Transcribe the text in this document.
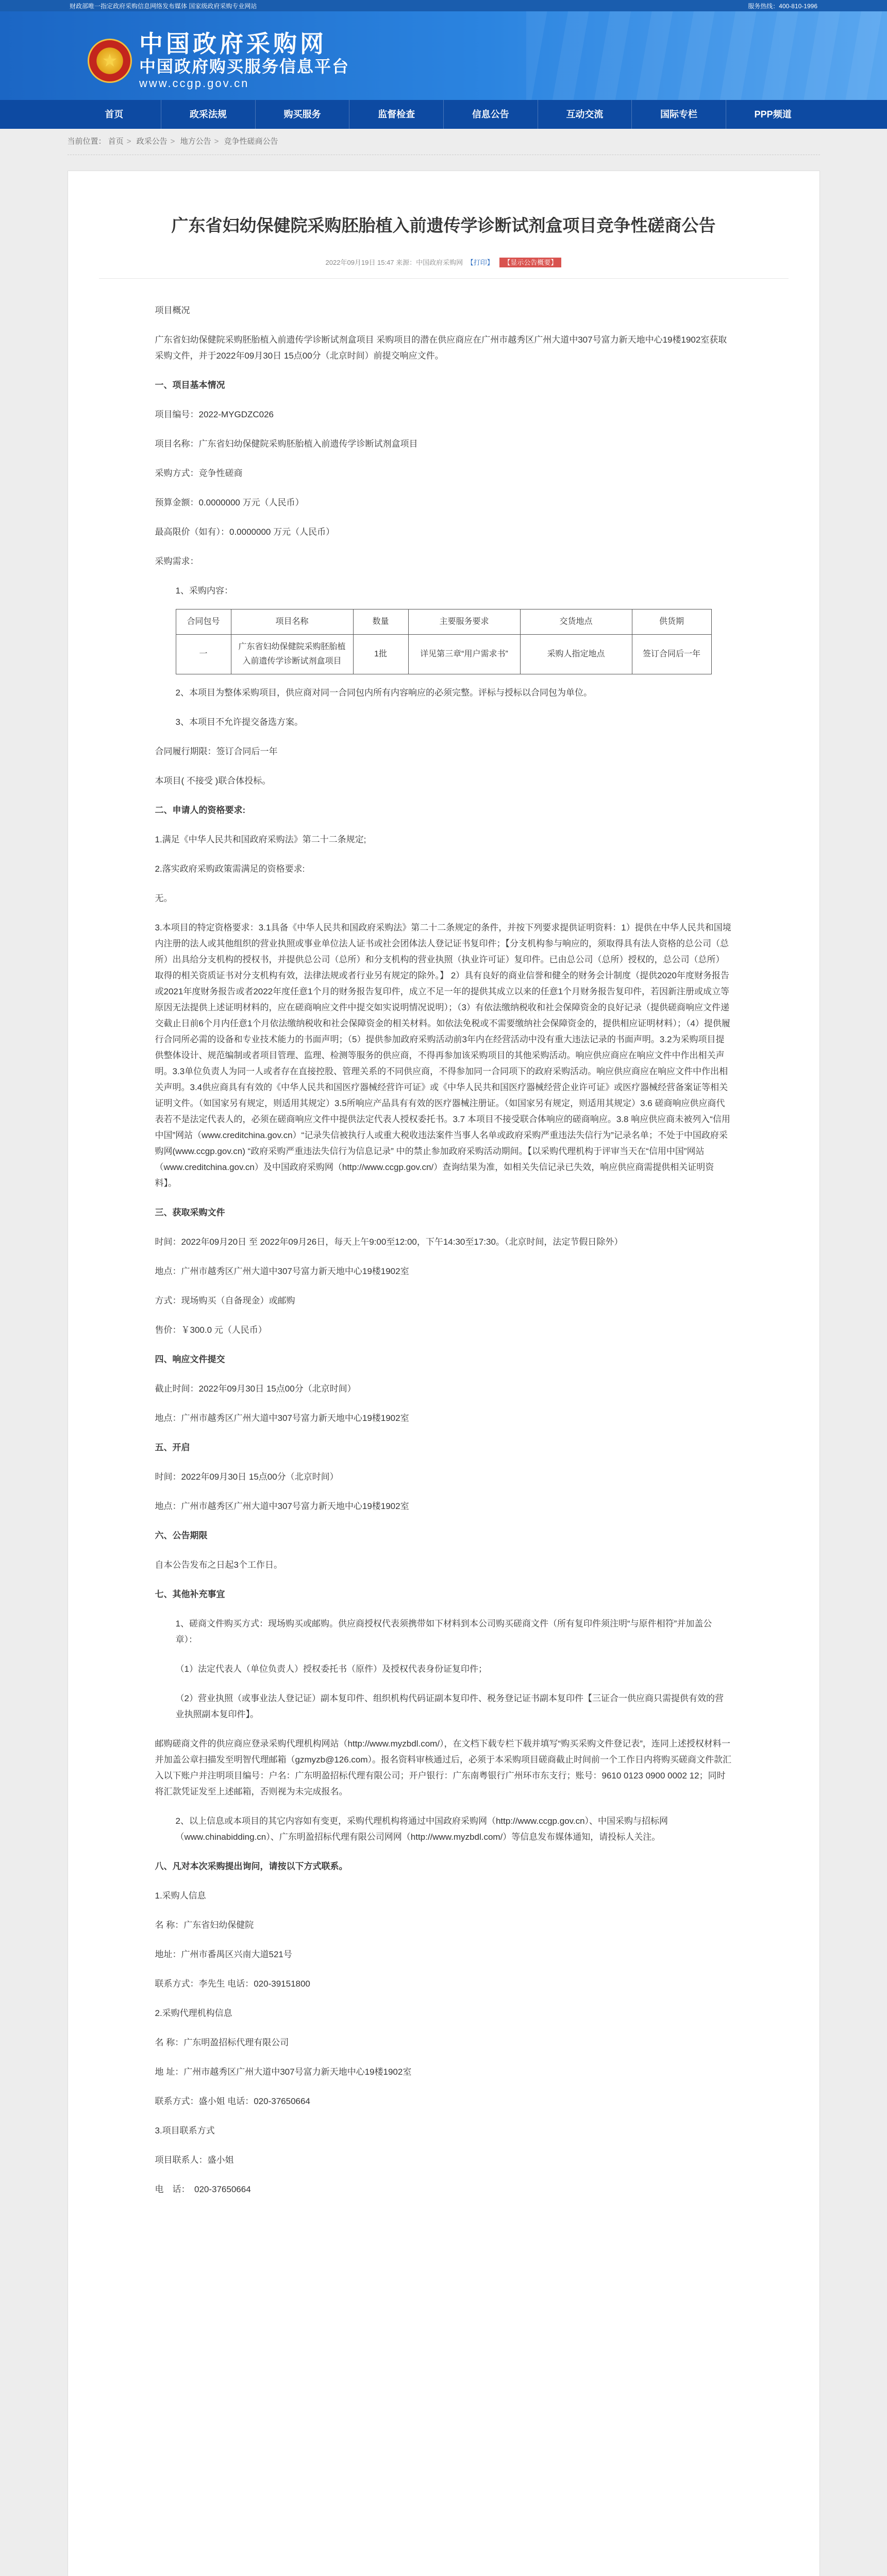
财政部唯一指定政府采购信息网络发布媒体 国家级政府采购专业网站	服务热线：400-810-1996
★
中国政府采购网
中国政府购买服务信息平台
www.ccgp.gov.cn
首页	政采法规	购买服务	监督检查	信息公告	互动交流	国际专栏	PPP频道
当前位置： 首页 > 政采公告 > 地方公告 > 竞争性磋商公告
广东省妇幼保健院采购胚胎植入前遗传学诊断试剂盒项目竞争性磋商公告
2022年09月19日 15:47 来源：中国政府采购网 【打印】 【显示公告概要】

项目概况

广东省妇幼保健院采购胚胎植入前遗传学诊断试剂盒项目 采购项目的潜在供应商应在广州市越秀区广州大道中307号富力新天地中心19楼1902室获取采购文件，并于2022年09月30日 15点00分（北京时间）前提交响应文件。

一、项目基本情况

项目编号：2022-MYGDZC026

项目名称：广东省妇幼保健院采购胚胎植入前遗传学诊断试剂盒项目

采购方式：竞争性磋商

预算金额：0.0000000 万元（人民币）

最高限价（如有）：0.0000000 万元（人民币）

采购需求：

1、采购内容：

合同包号	项目名称	数量	主要服务要求	交货地点	供货期
一	广东省妇幼保健院采购胚胎植入前遗传学诊断试剂盒项目	1批	详见第三章“用户需求书”	采购人指定地点	签订合同后一年

2、本项目为整体采购项目，供应商对同一合同包内所有内容响应的必须完整。评标与授标以合同包为单位。

3、本项目不允许提交备选方案。

合同履行期限：签订合同后一年

本项目( 不接受 )联合体投标。

二、申请人的资格要求:

1.满足《中华人民共和国政府采购法》第二十二条规定;

2.落实政府采购政策需满足的资格要求:

无。

3.本项目的特定资格要求：3.1具备《中华人民共和国政府采购法》第二十二条规定的条件，并按下列要求提供证明资料：1）提供在中华人民共和国境内注册的法人或其他组织的营业执照或事业单位法人证书或社会团体法人登记证书复印件；【分支机构参与响应的，须取得具有法人资格的总公司（总所）出具给分支机构的授权书，并提供总公司（总所）和分支机构的营业执照（执业许可证）复印件。已由总公司（总所）授权的，总公司（总所）取得的相关资质证书对分支机构有效，法律法规或者行业另有规定的除外。】 2）具有良好的商业信誉和健全的财务会计制度（提供2020年度财务报告或2021年度财务报告或者2022年度任意1个月的财务报告复印件，成立不足一年的提供其成立以来的任意1个月财务报告复印件，若因新注册或成立等原因无法提供上述证明材料的，应在磋商响应文件中提交如实说明情况说明）；（3）有依法缴纳税收和社会保障资金的良好记录（提供磋商响应文件递交截止日前6个月内任意1个月依法缴纳税收和社会保障资金的相关材料。如依法免税或不需要缴纳社会保障资金的，提供相应证明材料）；（4）提供履行合同所必需的设备和专业技术能力的书面声明；（5）提供参加政府采购活动前3年内在经营活动中没有重大违法记录的书面声明。3.2为采购项目提供整体设计、规范编制或者项目管理、监理、检测等服务的供应商，不得再参加该采购项目的其他采购活动。响应供应商应在响应文件中作出相关声明。3.3单位负责人为同一人或者存在直接控股、管理关系的不同供应商，不得参加同一合同项下的政府采购活动。响应供应商应在响应文件中作出相关声明。3.4供应商具有有效的《中华人民共和国医疗器械经营许可证》或《中华人民共和国医疗器械经营企业许可证》或医疗器械经营备案证等相关证明文件。（如国家另有规定，则适用其规定）3.5所响应产品具有有效的医疗器械注册证。（如国家另有规定，则适用其规定）3.6 磋商响应供应商代表若不是法定代表人的，必须在磋商响应文件中提供法定代表人授权委托书。3.7 本项目不接受联合体响应的磋商响应。3.8 响应供应商未被列入“信用中国”网站（www.creditchina.gov.cn）“记录失信被执行人或重大税收违法案件当事人名单或政府采购严重违法失信行为”记录名单；不处于中国政府采购网(www.ccgp.gov.cn) “政府采购严重违法失信行为信息记录” 中的禁止参加政府采购活动期间。【以采购代理机构于评审当天在“信用中国”网站（www.creditchina.gov.cn）及中国政府采购网（http://www.ccgp.gov.cn/）查询结果为准，如相关失信记录已失效，响应供应商需提供相关证明资料】。

三、获取采购文件

时间：2022年09月20日 至 2022年09月26日，每天上午9:00至12:00，下午14:30至17:30。（北京时间，法定节假日除外）

地点：广州市越秀区广州大道中307号富力新天地中心19楼1902室

方式：现场购买（自备现金）或邮购

售价：￥300.0 元（人民币）

四、响应文件提交

截止时间：2022年09月30日 15点00分（北京时间）

地点：广州市越秀区广州大道中307号富力新天地中心19楼1902室

五、开启

时间：2022年09月30日 15点00分（北京时间）

地点：广州市越秀区广州大道中307号富力新天地中心19楼1902室

六、公告期限

自本公告发布之日起3个工作日。

七、其他补充事宜

1、磋商文件购买方式：现场购买或邮购。供应商授权代表须携带如下材料到本公司购买磋商文件（所有复印件须注明“与原件相符”并加盖公章）：

（1）法定代表人（单位负责人）授权委托书（原件）及授权代表身份证复印件；

（2）营业执照（或事业法人登记证）副本复印件、组织机构代码证副本复印件、税务登记证书副本复印件【三证合一供应商只需提供有效的营业执照副本复印件】。

邮购磋商文件的供应商应登录采购代理机构网站（http://www.myzbdl.com/），在文档下载专栏下载并填写“购买采购文件登记表”，连同上述授权材料一并加盖公章扫描发至明智代理邮箱（gzmyzb@126.com）。报名资料审核通过后，必须于本采购项目磋商截止时间前一个工作日内将购买磋商文件款汇入以下账户并注明项目编号：户名：广东明盈招标代理有限公司；开户银行：广东南粤银行广州环市东支行；账号：9610 0123 0900 0002 12；同时将汇款凭证发至上述邮箱，否则视为未完成报名。

2、以上信息或本项目的其它内容如有变更，采购代理机构将通过中国政府采购网（http://www.ccgp.gov.cn）、中国采购与招标网（www.chinabidding.cn）、广东明盈招标代理有限公司网网（http://www.myzbdl.com/）等信息发布媒体通知，请投标人关注。

八、凡对本次采购提出询问，请按以下方式联系。

1.采购人信息

名 称：广东省妇幼保健院

地址：广州市番禺区兴南大道521号

联系方式：李先生 电话：020-39151800

2.采购代理机构信息

名 称：广东明盈招标代理有限公司

地 址：广州市越秀区广州大道中307号富力新天地中心19楼1902室

联系方式：盛小姐 电话：020-37650664

3.项目联系方式

项目联系人：盛小姐

电　话：　020-37650664
